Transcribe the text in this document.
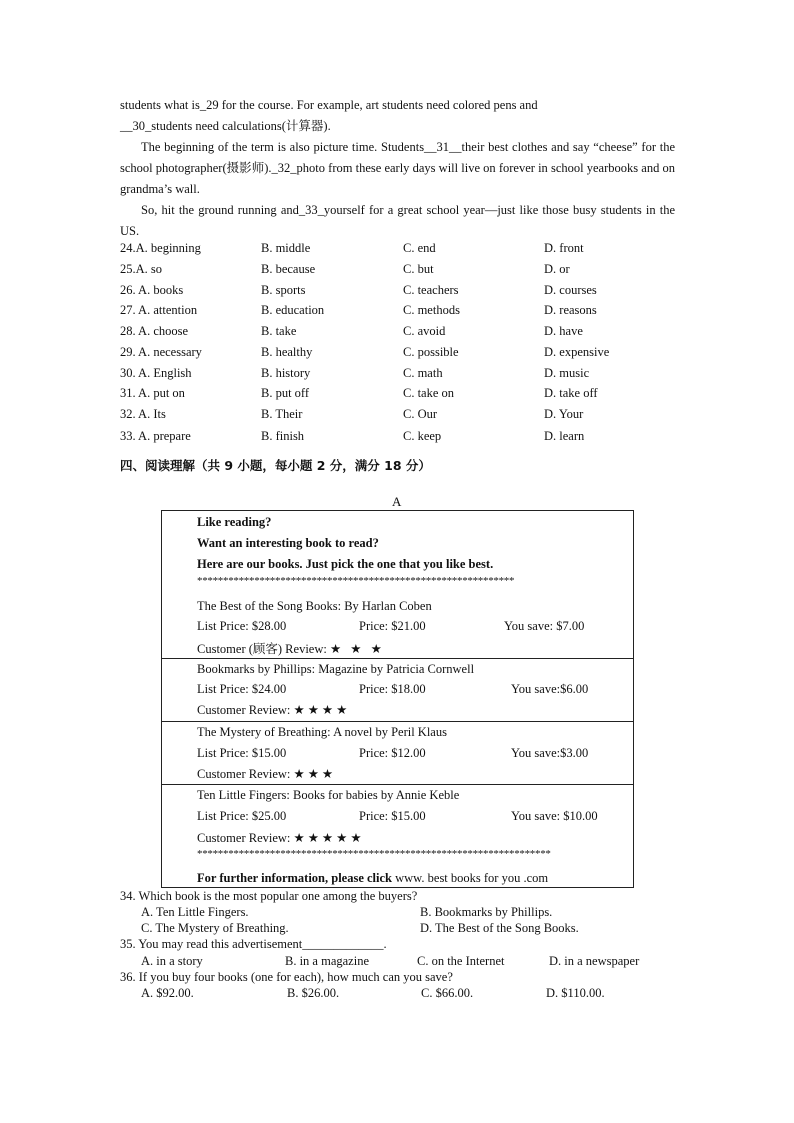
students what is_29 for the course. For example, art students need colored pens and

__30_students need calculations(计算器).

The beginning of the term is also picture time. Students__31__their best clothes and say “cheese” for the school photographer(摄影师)._32_photo from these early days will live on forever in school yearbooks and on grandma’s wall.

So, hit the ground running and_33_yourself for a great school year—just like those busy students in the US.

24.A. beginning	B. middle	C. end	D. front
25.A. so	B. because	C. but	D. or
26. A. books	B. sports	C. teachers	D. courses
27. A. attention	B. education	C. methods	D. reasons
28. A. choose	B. take	C. avoid	D. have
29. A. necessary	B. healthy	C. possible	D. expensive
30. A. English	B. history	C. math	D. music
31. A. put on	B. put off	C. take on	D. take off
32. A. Its	B. Their	C. Our	D. Your
33. A. prepare	B. finish	C. keep	D. learn
四、阅读理解（共 9 小题，每小题 2 分，满分 18 分）
A
Like reading?
Want an interesting book to read?
Here are our books. Just pick the one that you like best.
*************************************************************
The Best of the Song Books: By Harlan Coben
List Price: $28.00	Price: $21.00	You save: $7.00
Customer (顾客) Review: ★ ★ ★
Bookmarks by Phillips: Magazine by Patricia Cornwell
List Price: $24.00	Price: $18.00	You save:$6.00
Customer Review: ★★★★
The Mystery of Breathing: A novel by Peril Klaus
List Price: $15.00	Price: $12.00	You save:$3.00
Customer Review: ★★★
Ten Little Fingers: Books for babies by Annie Keble
List Price: $25.00	Price: $15.00	You save: $10.00
Customer Review: ★★★★★
********************************************************************
For further information, please click www. best books for you .com
34. Which book is the most popular one among the buyers?
A. Ten Little Fingers.	B. Bookmarks by Phillips.
C. The Mystery of Breathing.	D. The Best of the Song Books.
35. You may read this advertisement_____________.
A. in a story	B. in a magazine	C. on the Internet	D. in a newspaper
36. If you buy four books (one for each), how much can you save?
A. $92.00.	B. $26.00.	C. $66.00.	D. $110.00.
